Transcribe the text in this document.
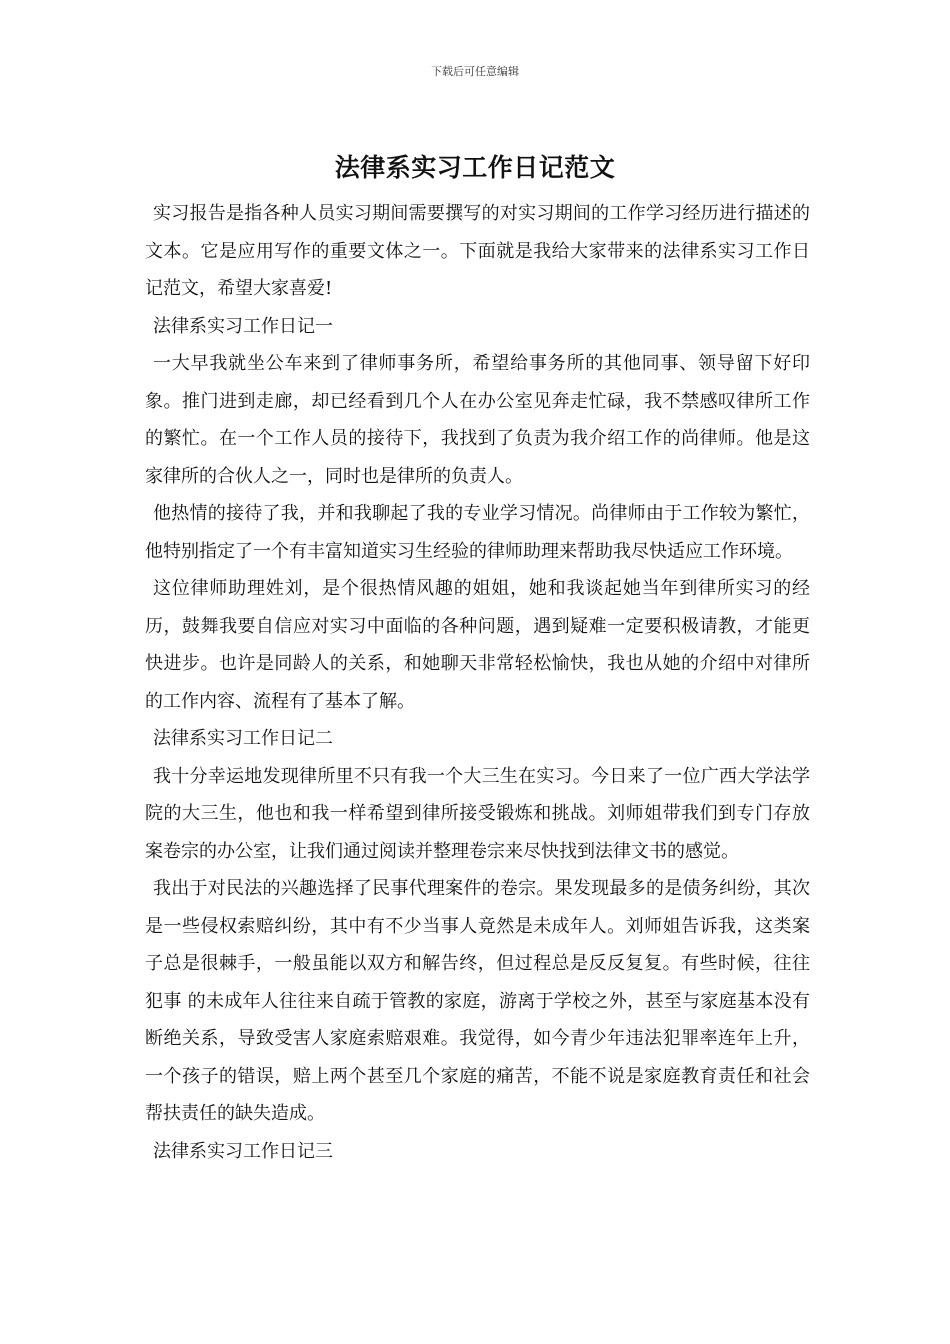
下载后可任意编辑
法律系实习工作日记范文

实习报告是指各种人员实习期间需要撰写的对实习期间的工作学习经历进行描述的文本。它是应用写作的重要文体之一。下面就是我给大家带来的法律系实习工作日记范文，希望大家喜爱!

法律系实习工作日记一

一大早我就坐公车来到了律师事务所，希望给事务所的其他同事、领导留下好印象。推门进到走廊，却已经看到几个人在办公室见奔走忙碌，我不禁感叹律所工作的繁忙。在一个工作人员的接待下，我找到了负责为我介绍工作的尚律师。他是这家律所的合伙人之一，同时也是律所的负责人。

他热情的接待了我，并和我聊起了我的专业学习情况。尚律师由于工作较为繁忙，他特别指定了一个有丰富知道实习生经验的律师助理来帮助我尽快适应工作环境。

这位律师助理姓刘，是个很热情风趣的姐姐，她和我谈起她当年到律所实习的经历，鼓舞我要自信应对实习中面临的各种问题，遇到疑难一定要积极请教，才能更快进步。也许是同龄人的关系，和她聊天非常轻松愉快，我也从她的介绍中对律所的工作内容、流程有了基本了解。

法律系实习工作日记二

我十分幸运地发现律所里不只有我一个大三生在实习。今日来了一位广西大学法学院的大三生，他也和我一样希望到律所接受锻炼和挑战。刘师姐带我们到专门存放案卷宗的办公室，让我们通过阅读并整理卷宗来尽快找到法律文书的感觉。

我出于对民法的兴趣选择了民事代理案件的卷宗。果发现最多的是债务纠纷，其次是一些侵权索赔纠纷，其中有不少当事人竟然是未成年人。刘师姐告诉我，这类案子总是很棘手，一般虽能以双方和解告终，但过程总是反反复复。有些时候，往往 犯事 的未成年人往往来自疏于管教的家庭，游离于学校之外，甚至与家庭基本没有断绝关系，导致受害人家庭索赔艰难。我觉得，如今青少年违法犯罪率连年上升，一个孩子的错误，赔上两个甚至几个家庭的痛苦，不能不说是家庭教育责任和社会帮扶责任的缺失造成。

法律系实习工作日记三
